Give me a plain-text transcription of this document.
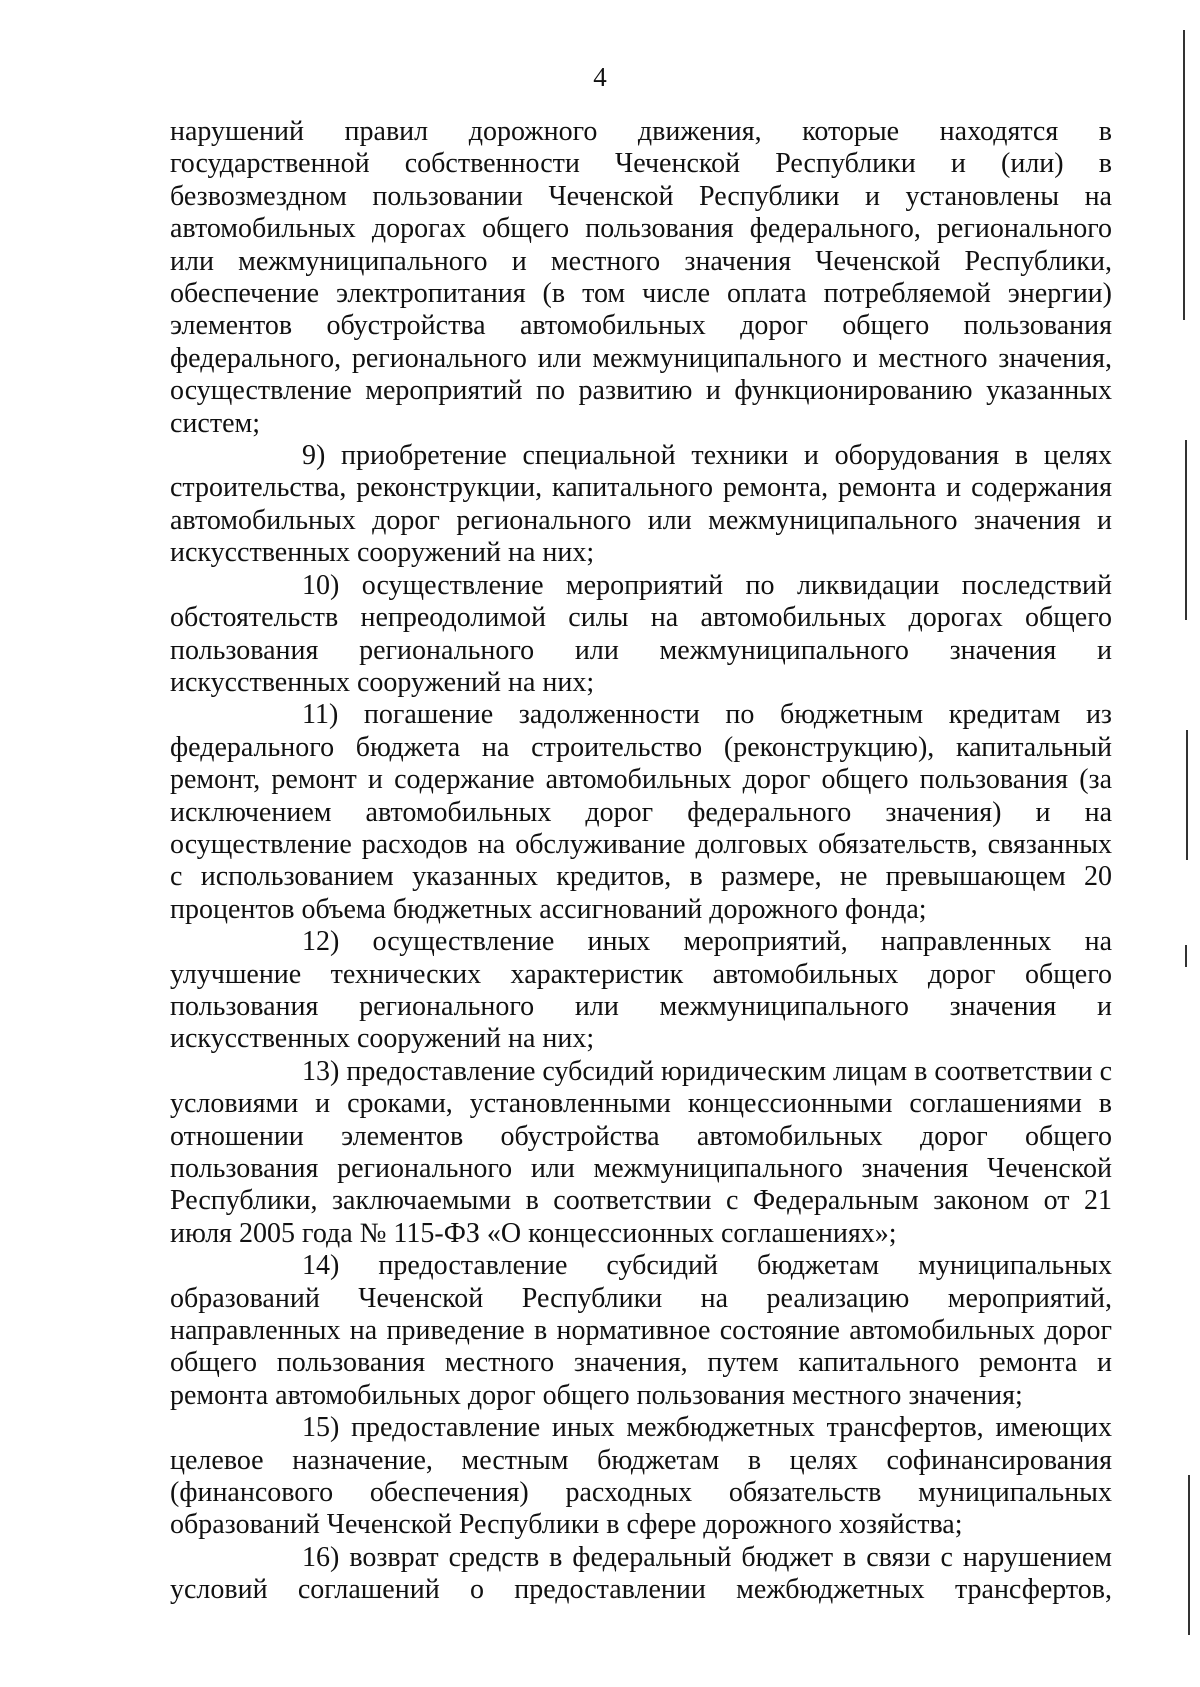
4

нарушений правил дорожного движения, которые находятся в государственной собственности Чеченской Республики и (или) в безвозмездном пользовании Чеченской Республики и установлены на автомобильных дорогах общего пользования федерального, регионального или межмуниципального и местного значения Чеченской Республики, обеспечение электропитания (в том числе оплата потребляемой энергии) элементов обустройства автомобильных дорог общего пользования федерального, регионального или межмуниципального и местного значения, осуществление мероприятий по развитию и функционированию указанных систем;

9) приобретение специальной техники и оборудования в целях строительства, реконструкции, капитального ремонта, ремонта и содержания автомобильных дорог регионального или межмуниципального значения и искусственных сооружений на них;

10) осуществление мероприятий по ликвидации последствий обстоятельств непреодолимой силы на автомобильных дорогах общего пользования регионального или межмуниципального значения и искусственных сооружений на них;

11) погашение задолженности по бюджетным кредитам из федерального бюджета на строительство (реконструкцию), капитальный ремонт, ремонт и содержание автомобильных дорог общего пользования (за исключением автомобильных дорог федерального значения) и на осуществление расходов на обслуживание долговых обязательств, связанных с использованием указанных кредитов, в размере, не превышающем 20 процентов объема бюджетных ассигнований дорожного фонда;

12) осуществление иных мероприятий, направленных на улучшение технических характеристик автомобильных дорог общего пользования регионального или межмуниципального значения и искусственных сооружений на них;

13) предоставление субсидий юридическим лицам в соответствии с условиями и сроками, установленными концессионными соглашениями в отношении элементов обустройства автомобильных дорог общего пользования регионального или межмуниципального значения Чеченской Республики, заключаемыми в соответствии с Федеральным законом от 21 июля 2005 года № 115-ФЗ «О концессионных соглашениях»;

14) предоставление субсидий бюджетам муниципальных образований Чеченской Республики на реализацию мероприятий, направленных на приведение в нормативное состояние автомобильных дорог общего пользования местного значения, путем капитального ремонта и ремонта автомобильных дорог общего пользования местного значения;

15) предоставление иных межбюджетных трансфертов, имеющих целевое назначение, местным бюджетам в целях софинансирования (финансового обеспечения) расходных обязательств муниципальных образований Чеченской Республики в сфере дорожного хозяйства;

16) возврат средств в федеральный бюджет в связи с нарушением условий соглашений о предоставлении межбюджетных трансфертов,
